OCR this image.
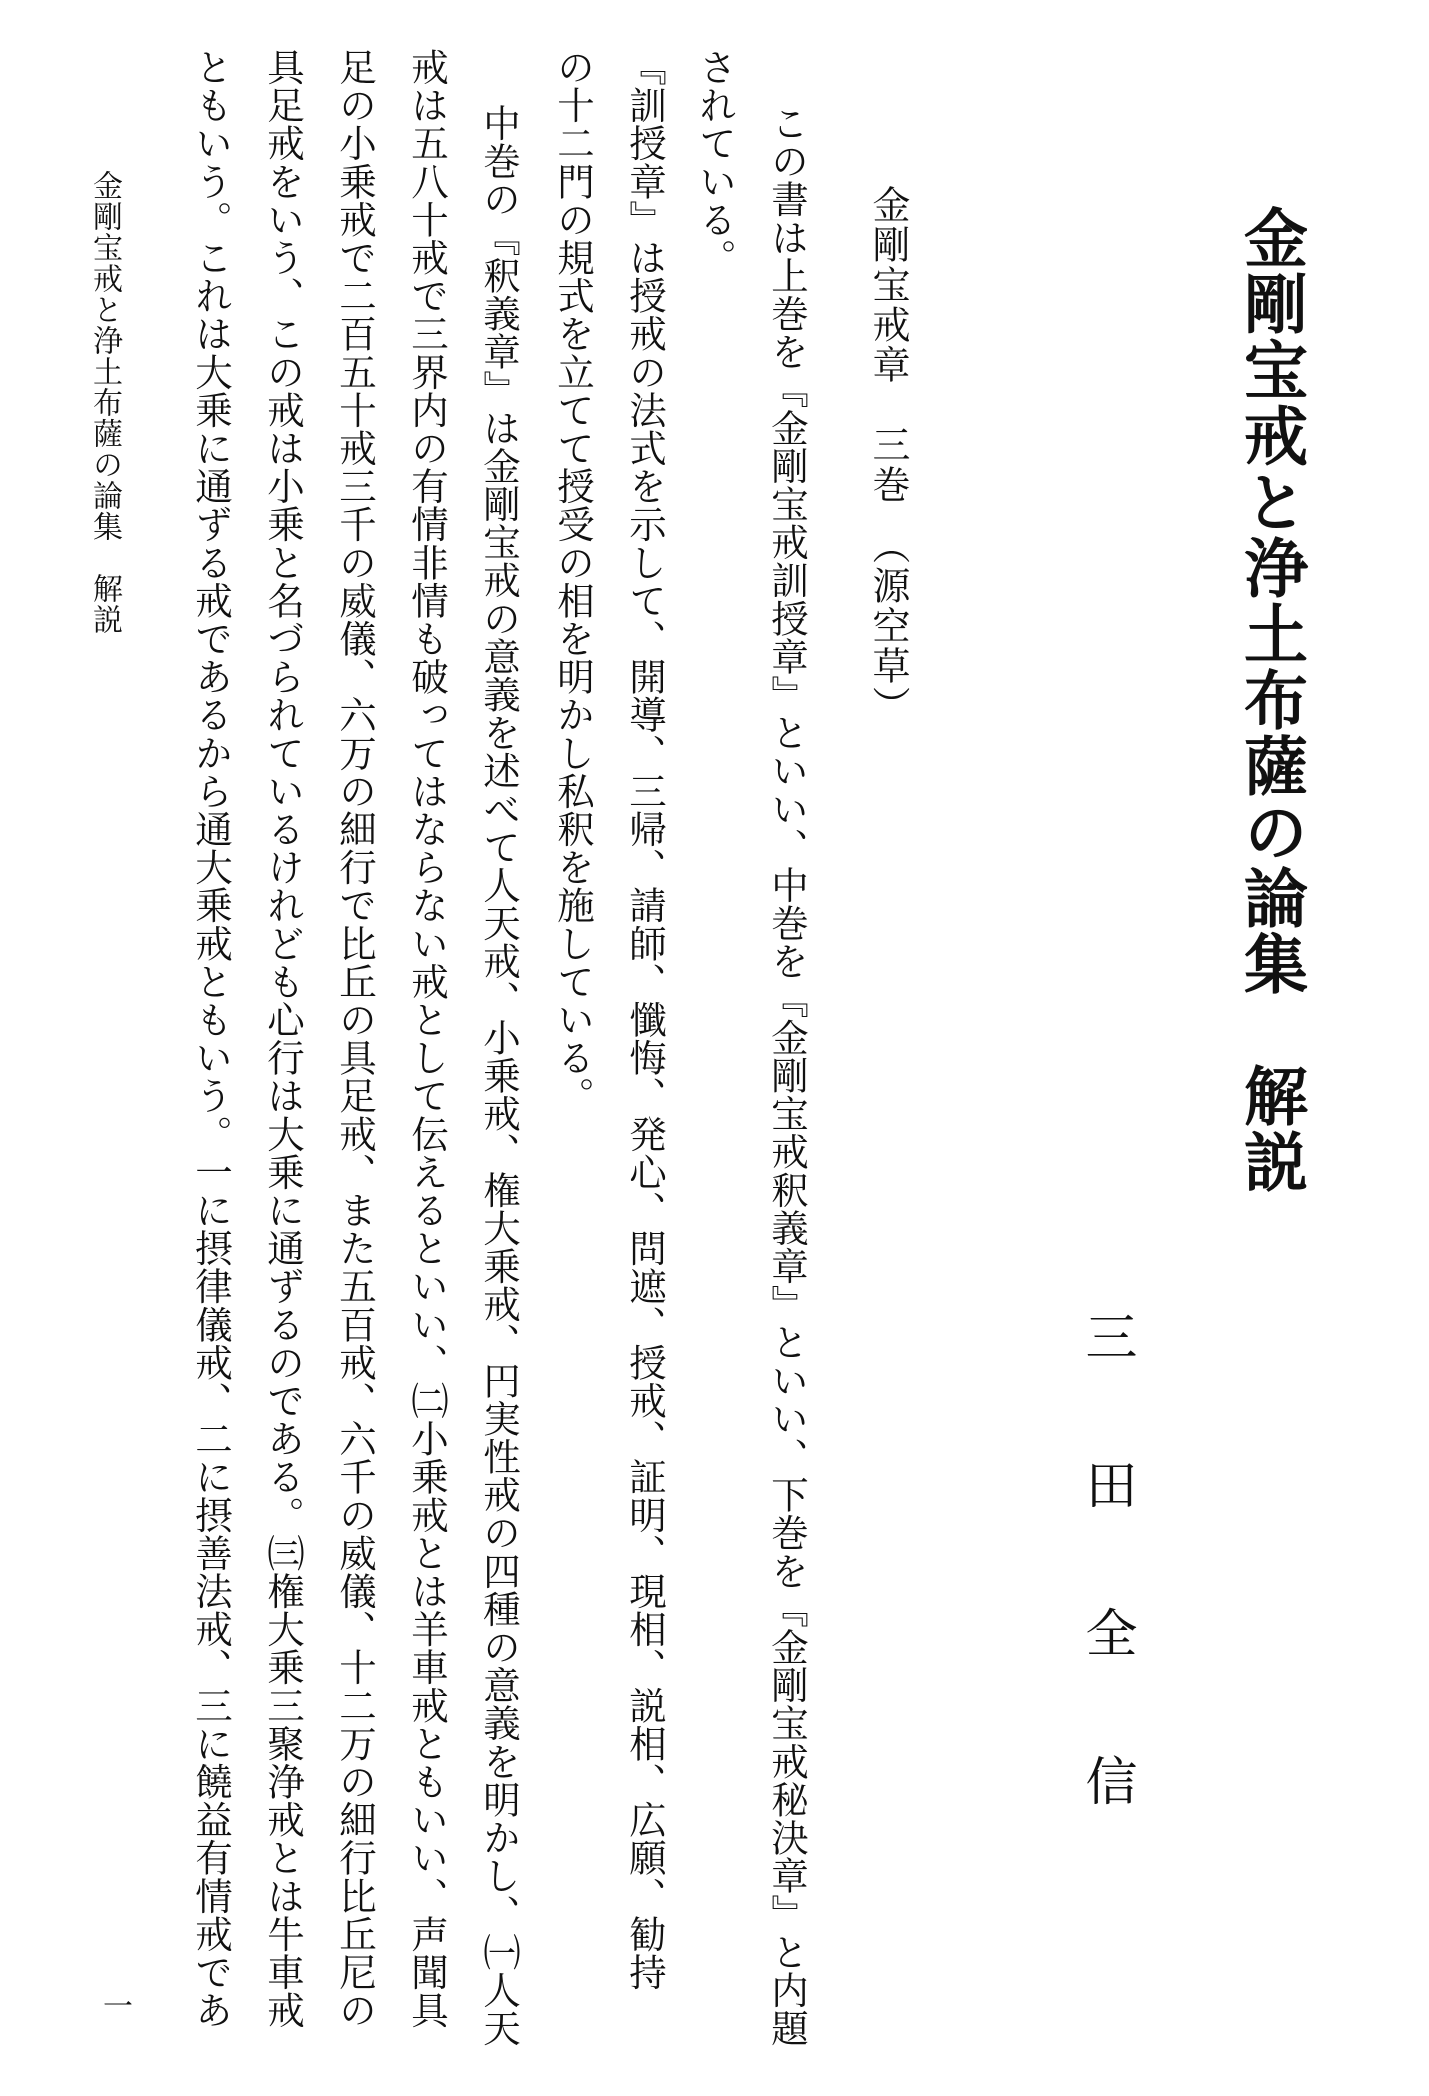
金剛宝戒と浄土布薩の論集　解説
三田全信
金剛宝戒章　三巻　（源空草）

この書は上巻を『金剛宝戒訓授章』といい、中巻を『金剛宝戒釈義章』といい、下巻を『金剛宝戒秘決章』と内題

されている。

『訓授章』は授戒の法式を示して、開導、三帰、請師、懺悔、発心、問遮、授戒、証明、現相、説相、広願、勧持

の十二門の規式を立てて授受の相を明かし私釈を施している。

中巻の『釈義章』は金剛宝戒の意義を述べて人天戒、小乗戒、権大乗戒、円実性戒の四種の意義を明かし、㈠人天

戒は五八十戒で三界内の有情非情も破ってはならない戒として伝えるといい、㈡小乗戒とは羊車戒ともいい、声聞具

足の小乗戒で二百五十戒三千の威儀、六万の細行で比丘の具足戒、また五百戒、六千の威儀、十二万の細行比丘尼の

具足戒をいう、この戒は小乗と名づられているけれども心行は大乗に通ずるのである。㈢権大乗三聚浄戒とは牛車戒

ともいう。これは大乗に通ずる戒であるから通大乗戒ともいう。一に摂律儀戒、二に摂善法戒、三に饒益有情戒であ

金剛宝戒と浄土布薩の論集　解説
一
